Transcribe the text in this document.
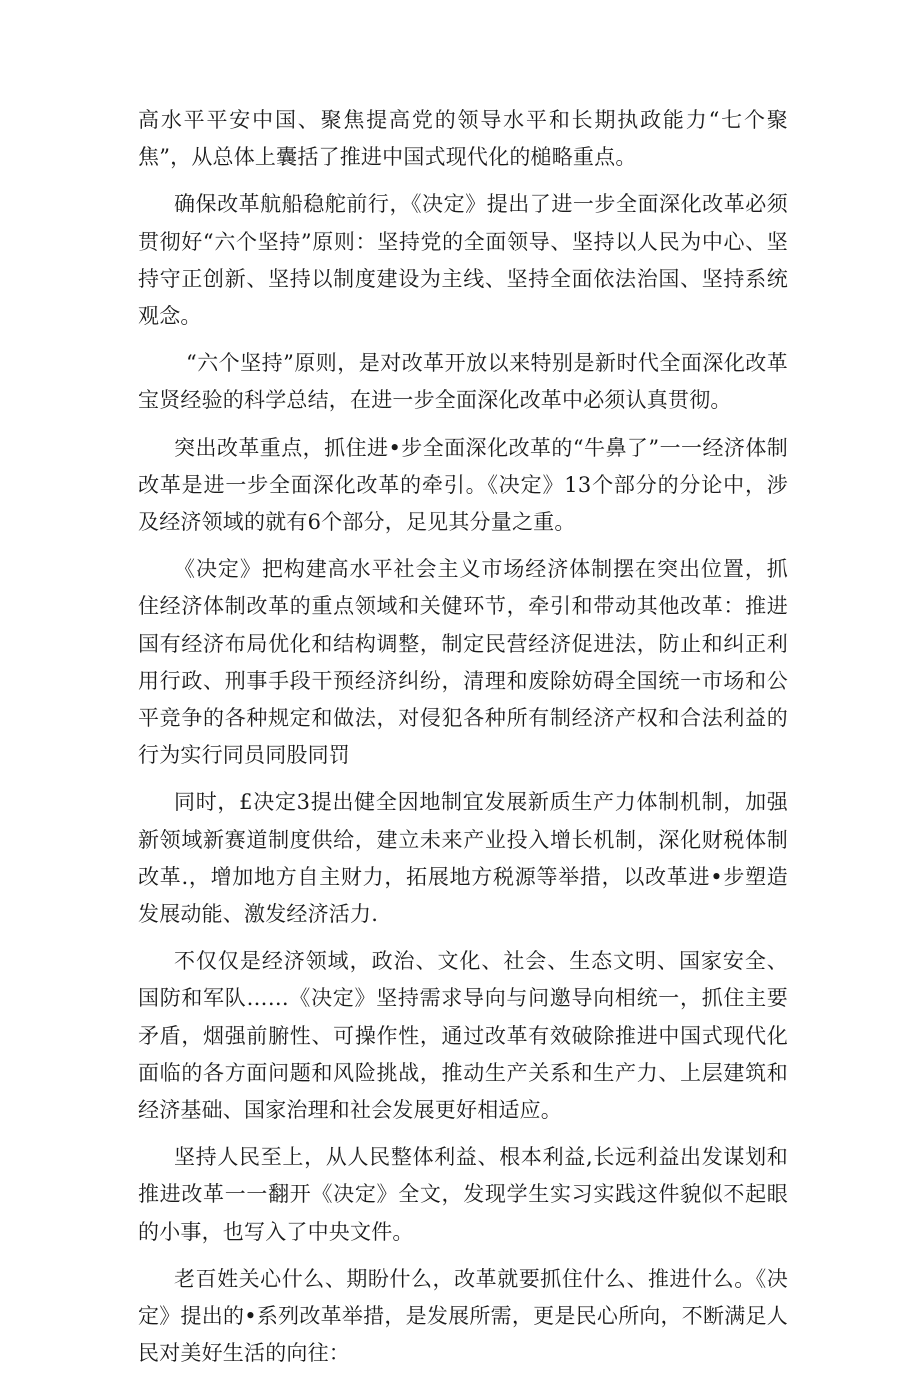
高水平平安中国、聚焦提高党的领导水平和长期执政能力“七个聚焦”，从总体上囊括了推进中国式现代化的槌略重点。

确保改革航船稳舵前行，《决定》提出了进一步全面深化改革必须贯彻好“六个坚持”原则：坚持党的全面领导、坚持以人民为中心、坚持守正创新、坚持以制度建设为主线、坚持全面依法治国、坚持系统观念。

“六个坚持”原则，是对改革开放以来特别是新时代全面深化改革宝贤经验的科学总结，在进一步全面深化改革中必须认真贯彻。

突出改革重点，抓住进•步全面深化改革的“牛鼻了”一一经济体制改革是进一步全面深化改革的牵引。《决定》13个部分的分论中，涉及经济领域的就有6个部分，足见其分量之重。

《决定》把构建高水平社会主义市场经济体制摆在突出位置，抓住经济体制改革的重点领域和关健环节，牵引和带动其他改革：推进国有经济布局优化和结构调整，制定民营经济促进法，防止和纠正利用行政、刑事手段干预经济纠纷，清理和废除妨碍全国统一市场和公平竞争的各种规定和做法，对侵犯各种所有制经济产权和合法利益的行为实行同员同股同罚

同时，£决定3提出健全因地制宜发展新质生产力体制机制，加强新领域新赛道制度供给，建立未来产业投入增长机制，深化财税体制改革.，增加地方自主财力，拓展地方税源等举措，以改革进•步塑造发展动能、激发经济活力.

不仅仅是经济领域，政治、文化、社会、生态文明、国家安全、国防和军队……《决定》坚持需求导向与问邀导向相统一，抓住主要矛盾，烟强前腑性、可操作性，通过改革有效破除推进中国式现代化面临的各方面问题和风险挑战，推动生产关系和生产力、上层建筑和经济基础、国家治理和社会发展更好相适应。

坚持人民至上，从人民整体利益、根本利益,长远利益出发谋划和推进改革一一翻开《决定》全文，发现学生实习实践这件貌似不起眼的小事，也写入了中央文件。

老百姓关心什么、期盼什么，改革就要抓住什么、推进什么。《决定》提出的•系列改革举措，是发展所需，更是民心所向，不断满足人民对美好生活的向往：
